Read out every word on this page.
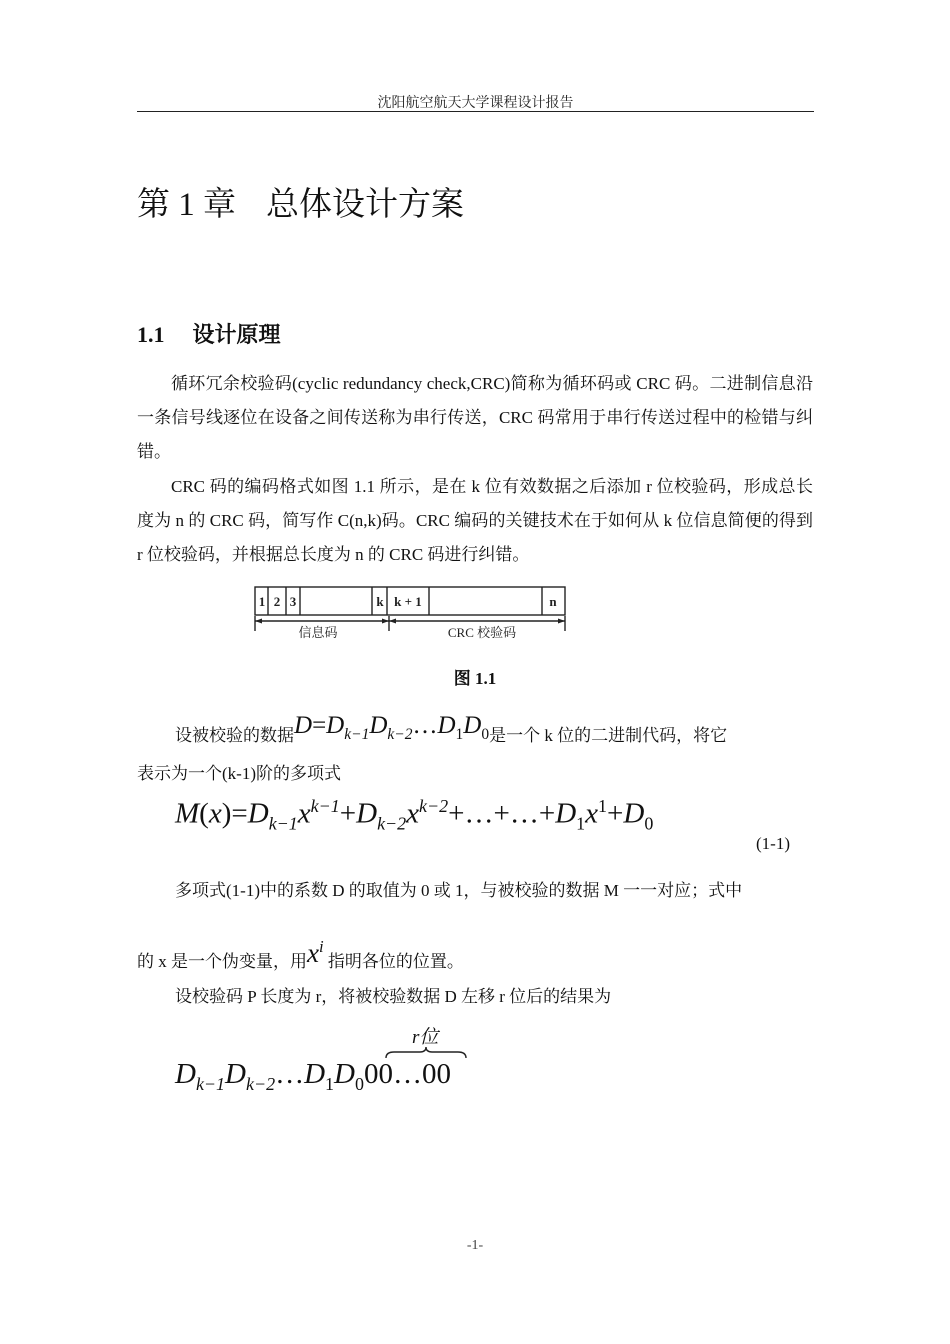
沈阳航空航天大学课程设计报告
第 1 章 总体设计方案
1.1 设计原理
循环冗余校验码(cyclic redundancy check,CRC)简称为循环码或 CRC 码。二进制信息沿一条信号线逐位在设备之间传送称为串行传送，CRC 码常用于串行传送过程中的检错与纠错。
CRC 码的编码格式如图 1.1 所示，是在 k 位有效数据之后添加 r 位校验码，形成总长度为 n 的 CRC 码，简写作 C(n,k)码。CRC 编码的关键技术在于如何从 k 位信息简便的得到 r 位校验码，并根据总长度为 n 的 CRC 码进行纠错。
1 2 3	k k + 1	n
信息码	CRC 校验码
图 1.1
设被校验的数据$D=D_{k-1}D_{k-2}\dots D_1D_0$是一个 k 位的二进制代码，将它
表示为一个(k-1)阶的多项式
$M(x)=D_{k-1}x^{k-1}+D_{k-2}x^{k-2}+\dots+\dots+D_1x^1+D_0$
(1-1)
多项式(1-1)中的系数 D 的取值为 0 或 1，与被校验的数据 M 一一对应；式中
的 x 是一个伪变量，用$x^i$ 指明各位的位置。
设校验码 P 长度为 r，将被校验数据 D 左移 r 位后的结果为
$D_{k-1}D_{k-2}\dots D_1D_000\dots 00$
r位
-1-
